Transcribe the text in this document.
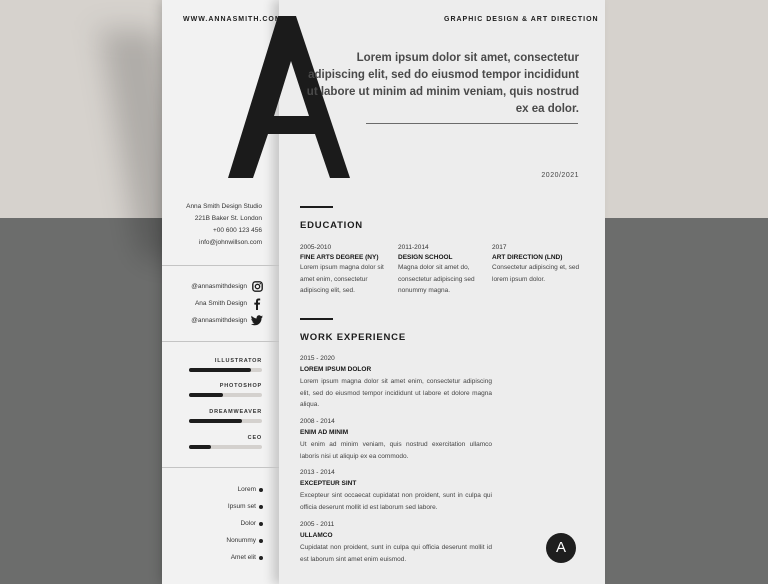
WWW.ANNASMITH.COM	GRAPHIC DESIGN & ART DIRECTION

Lorem ipsum dolor sit amet, consectetur adipiscing elit, sed do eiusmod tempor incididunt ut labore ut minim ad minim veniam, quis nostrud ex ea dolor.

2020/2021

Anna Smith Design Studio

221B Baker St. London

+00 600 123 456

info@johnwillson.com

@annasmithdesign
Ana Smith Design
@annasmithdesign

ILLUSTRATOR

PHOTOSHOP

DREAMWEAVER

CEO

Lorem

Ipsum set

Dolor

Nonummy

Amet elit

EDUCATION

2005-2010
FINE ARTS DEGREE (NY)
Lorem ipsum magna dolor sit amet enim, consectetur adipiscing elit, sed.
2011-2014
DESIGN SCHOOL
Magna dolor sit amet do, consectetur adipiscing sed nonummy magna.
2017
ART DIRECTION (LND)
Consectetur adipiscing et, sed lorem ipsum dolor.

WORK EXPERIENCE

2015 - 2020

LOREM IPSUM DOLOR

Lorem ipsum magna dolor sit amet enim, consectetur adipiscing elit, sed do eiusmod tempor incididunt ut labore et dolore magna aliqua.

2008 - 2014

ENIM AD MINIM

Ut enim ad minim veniam, quis nostrud exercitation ullamco laboris nisi ut aliquip ex ea commodo.

2013 - 2014

EXCEPTEUR SINT

Excepteur sint occaecat cupidatat non proident, sunt in culpa qui officia deserunt mollit id est laborum sed labore.

2005 - 2011

ULLAMCO

Cupidatat non proident, sunt in culpa qui officia deserunt mollit id est laborum sint amet enim euismod.

A
